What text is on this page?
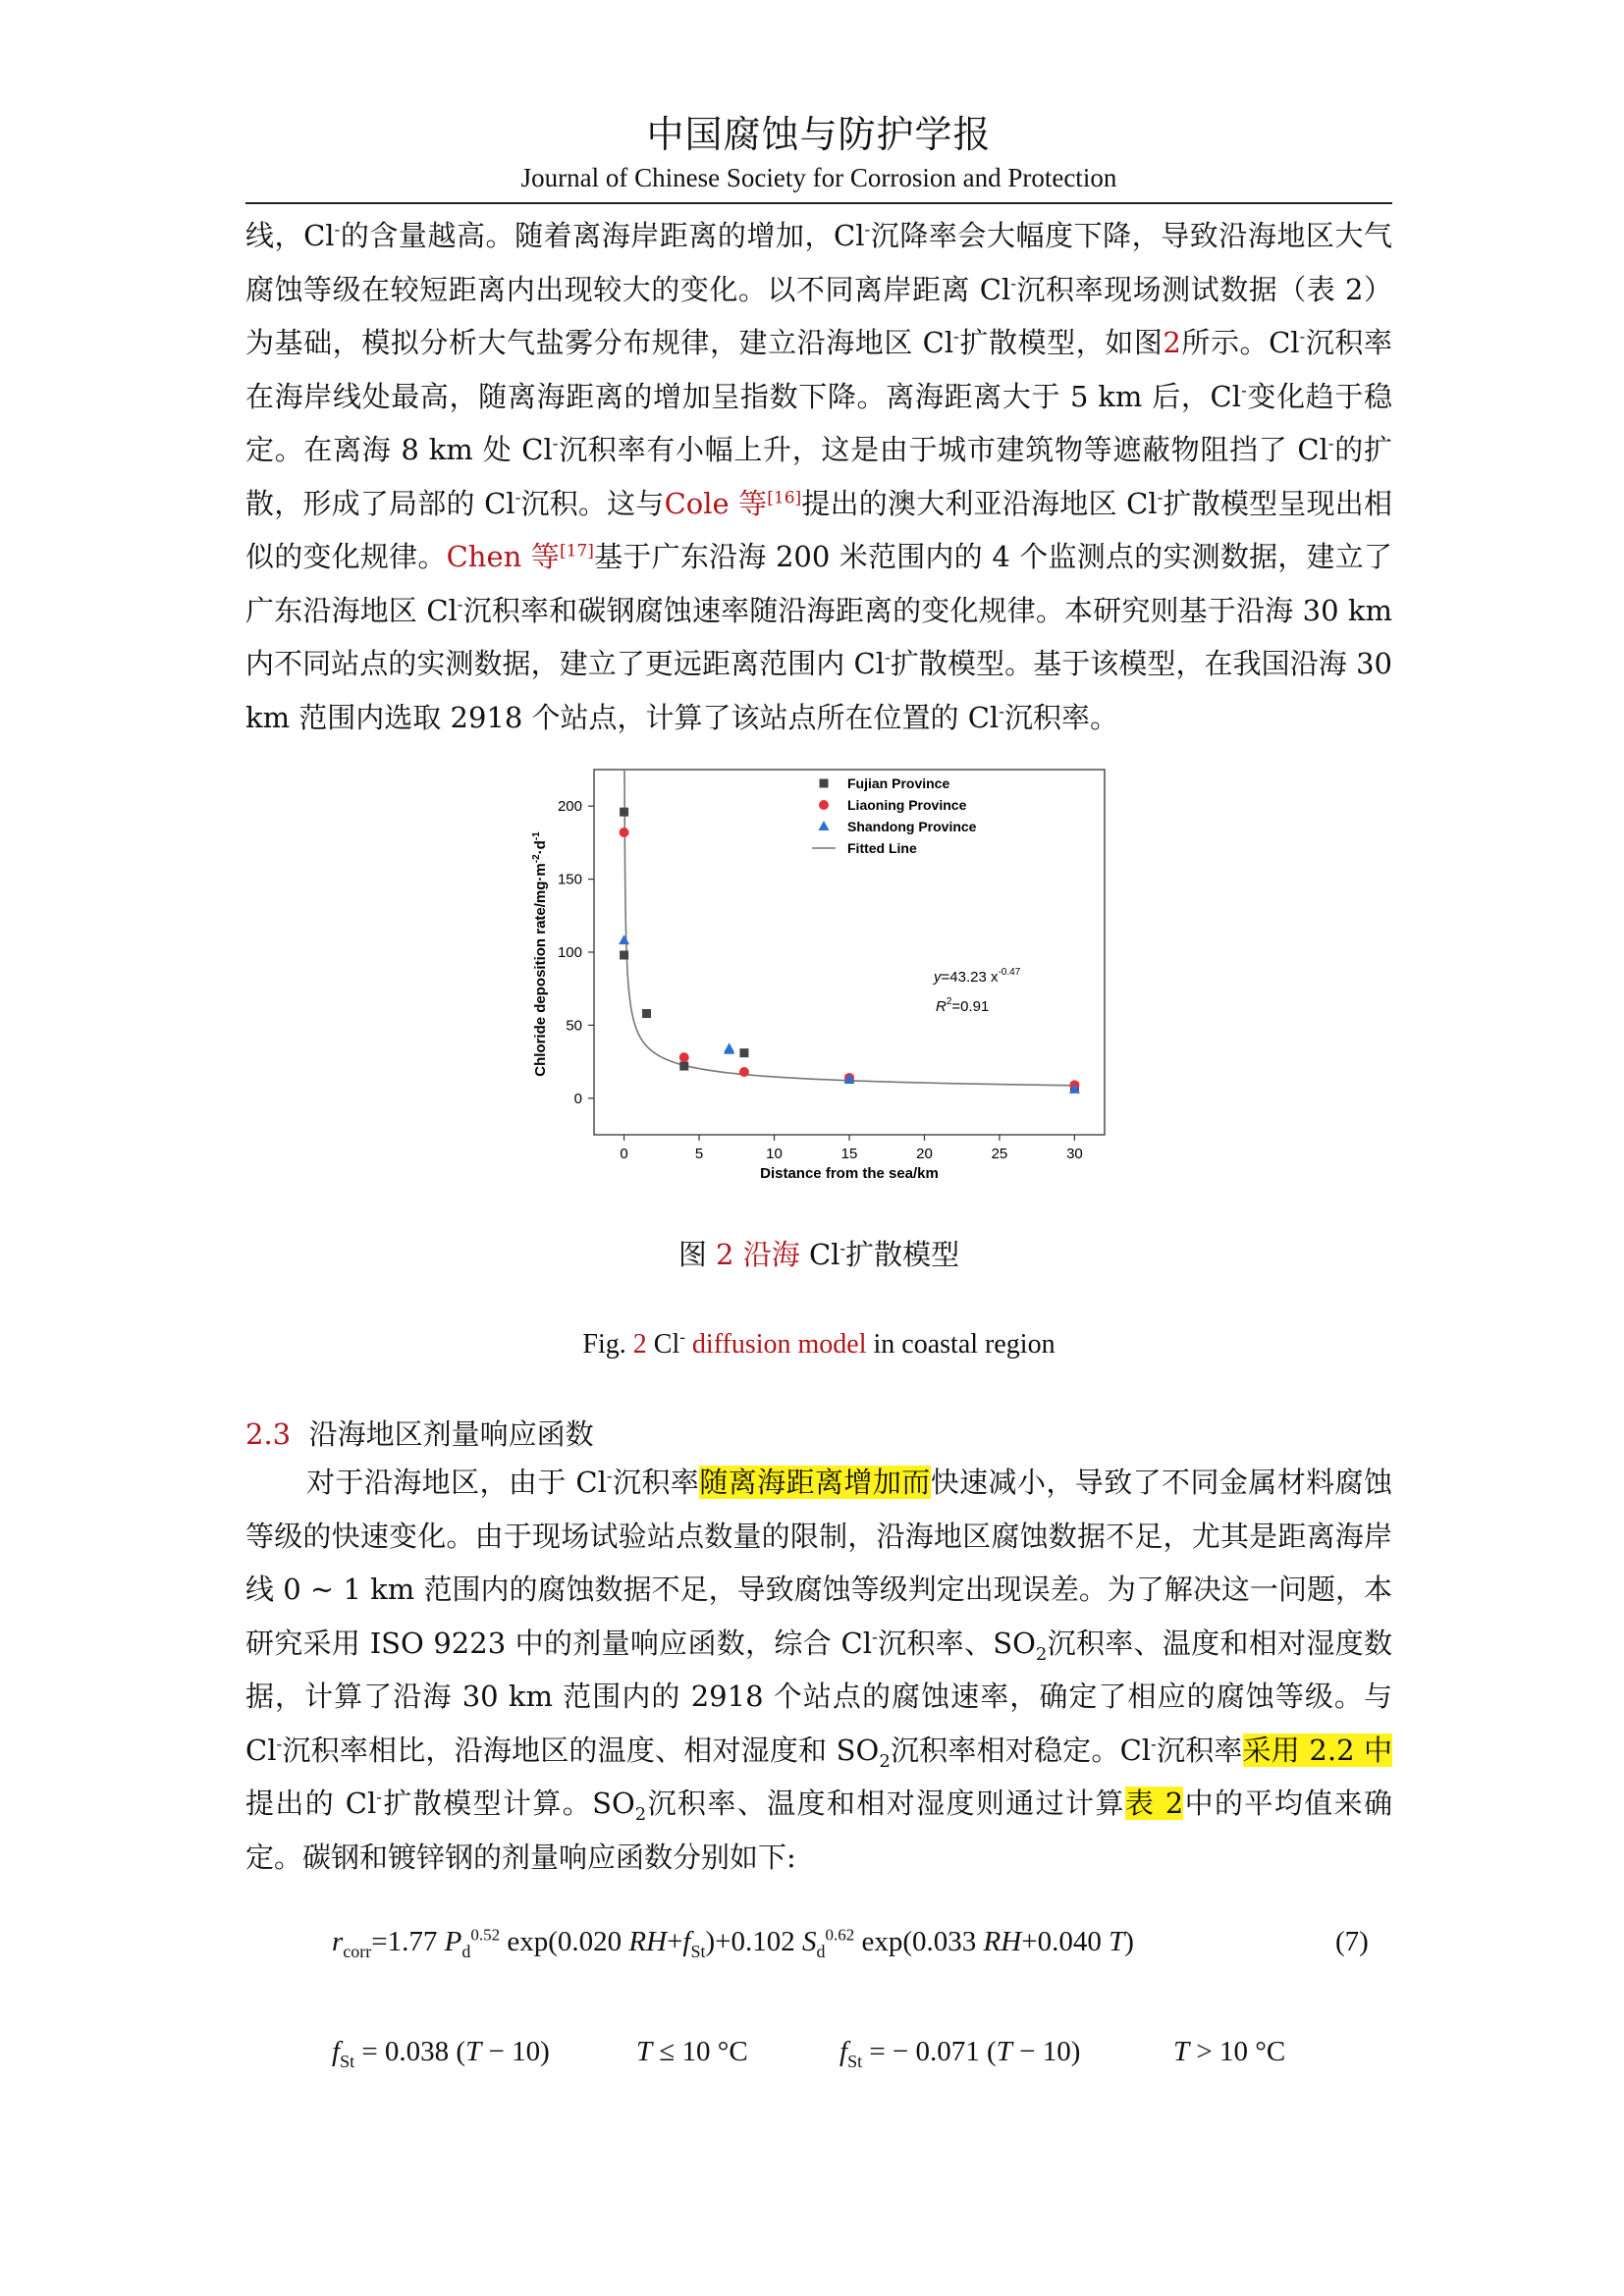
中国腐蚀与防护学报
Journal of Chinese Society for Corrosion and Protection
线，Cl-的含量越高。随着离海岸距离的增加，Cl-沉降率会大幅度下降，导致沿海地区大气腐蚀等级在较短距离内出现较大的变化。以不同离岸距离 Cl-沉积率现场测试数据（表 2）为基础，模拟分析大气盐雾分布规律，建立沿海地区 Cl-扩散模型，如图2所示。Cl-沉积率在海岸线处最高，随离海距离的增加呈指数下降。离海距离大于 5 km 后，Cl-变化趋于稳定。在离海 8 km 处 Cl-沉积率有小幅上升，这是由于城市建筑物等遮蔽物阻挡了 Cl-的扩散，形成了局部的 Cl-沉积。这与Cole 等[16]提出的澳大利亚沿海地区 Cl-扩散模型呈现出相似的变化规律。Chen 等[17]基于广东沿海 200 米范围内的 4 个监测点的实测数据，建立了广东沿海地区 Cl-沉积率和碳钢腐蚀速率随沿海距离的变化规律。本研究则基于沿海 30 km 内不同站点的实测数据，建立了更远距离范围内 Cl-扩散模型。基于该模型，在我国沿海 30 km 范围内选取 2918 个站点，计算了该站点所在位置的 Cl-沉积率。
0	5	10	15	20	25	30
0
50
100
150
200
Fujian Province
Liaoning Province
Shandong Province
Fitted Line
Distance from the sea/km
Chloride deposition rate/$mg\cdot m^{-2}\cdot d^{-1}$
y=43.23 $x^{-0.47}$
$R^2=0.91$
图 2 沿海 Cl-扩散模型
Fig. 2 Cl- diffusion model in coastal region
2.3 沿海地区剂量响应函数
对于沿海地区，由于 Cl-沉积率随离海距离增加而快速减小，导致了不同金属材料腐蚀等级的快速变化。由于现场试验站点数量的限制，沿海地区腐蚀数据不足，尤其是距离海岸线 0 ~ 1 km 范围内的腐蚀数据不足，导致腐蚀等级判定出现误差。为了解决这一问题，本研究采用 ISO 9223 中的剂量响应函数，综合 Cl-沉积率、$SO_2$沉积率、温度和相对湿度数据，计算了沿海 30 km 范围内的 2918 个站点的腐蚀速率，确定了相应的腐蚀等级。与 Cl-沉积率相比，沿海地区的温度、相对湿度和 $SO_2$沉积率相对稳定。Cl-沉积率采用 2.2 中提出的 Cl-扩散模型计算。$SO_2$沉积率、温度和相对湿度则通过计算表 2中的平均值来确定。碳钢和镀锌钢的剂量响应函数分别如下:
$r_{corr}=1.77$ $P_d^{0.52}$ exp(0.020 $RH+f_{St})+0.102$ $S_d^{0.62}$ exp(0.033 RH+0.040 T)	(7)
$f_{St} = 0.038$ (T − 10)	T ≤ 10 °C	$f_{St}$ = − 0.071 (T − 10)	T > 10 °C
